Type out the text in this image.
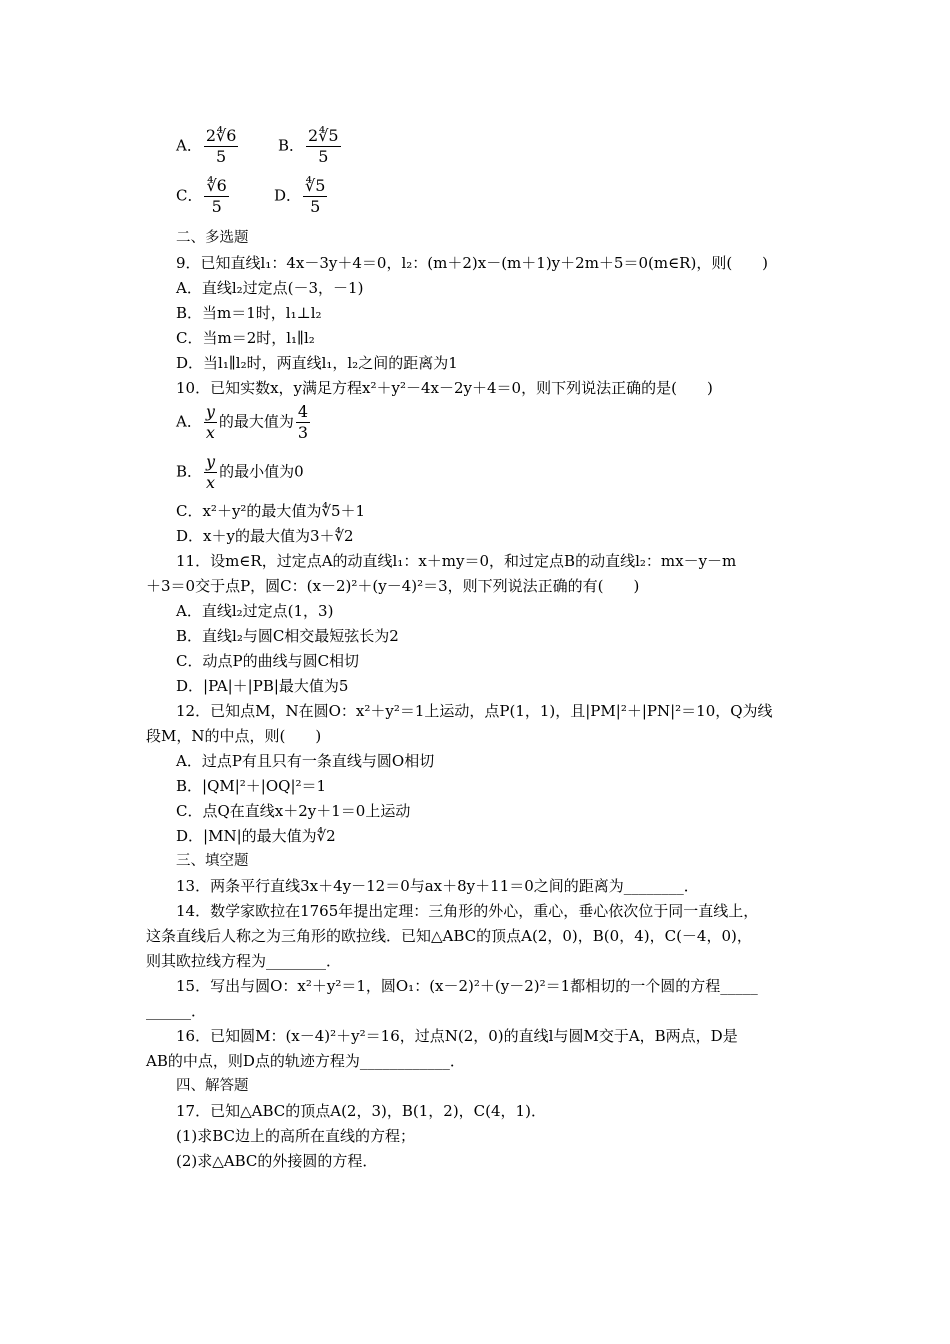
A． $\frac{2∜6}{5}$	B． $\frac{2∜5}{5}$
C． $\frac{∜6}{5}$	D． $\frac{∜5}{5}$
二、多选题
9．已知直线l₁：4x－3y＋4＝0，l₂：(m＋2)x－(m＋1)y＋2m＋5＝0(m∈R)，则(　　)
A．直线l₂过定点(－3，－1)
B．当m＝1时，l₁⊥l₂
C．当m＝2时，l₁∥l₂
D．当l₁∥l₂时，两直线l₁，l₂之间的距离为1
10．已知实数x，y满足方程x²＋y²－4x－2y＋4＝0，则下列说法正确的是(　　)
A． $\frac{y}{x}$ 的最大值为 $\frac{4}{3}$
B． $\frac{y}{x}$ 的最小值为0
C．x²＋y²的最大值为∜5＋1
D．x＋y的最大值为3＋∜2
11．设m∈R，过定点A的动直线l₁：x＋my＝0，和过定点B的动直线l₂：mx－y－m
＋3＝0交于点P，圆C：(x－2)²＋(y－4)²＝3，则下列说法正确的有(　　)
A．直线l₂过定点(1，3)
B．直线l₂与圆C相交最短弦长为2
C．动点P的曲线与圆C相切
D．|PA|＋|PB|最大值为5
12．已知点M，N在圆O：x²＋y²＝1上运动，点P(1，1)，且|PM|²＋|PN|²＝10，Q为线
段M，N的中点，则(　　)
A．过点P有且只有一条直线与圆O相切
B．|QM|²＋|OQ|²＝1
C．点Q在直线x＋2y＋1＝0上运动
D．|MN|的最大值为∜2
三、填空题
13．两条平行直线3x＋4y－12＝0与ax＋8y＋11＝0之间的距离为________．
14．数学家欧拉在1765年提出定理：三角形的外心，重心，垂心依次位于同一直线上，
这条直线后人称之为三角形的欧拉线．已知△ABC的顶点A(2，0)，B(0，4)，C(－4，0)，
则其欧拉线方程为________．
15．写出与圆O：x²＋y²＝1，圆O₁：(x－2)²＋(y－2)²＝1都相切的一个圆的方程_____
______．
16．已知圆M：(x－4)²＋y²＝16，过点N(2，0)的直线l与圆M交于A，B两点，D是
AB的中点，则D点的轨迹方程为____________．
四、解答题
17．已知△ABC的顶点A(2，3)，B(1，2)，C(4，1)．
(1)求BC边上的高所在直线的方程；
(2)求△ABC的外接圆的方程．
